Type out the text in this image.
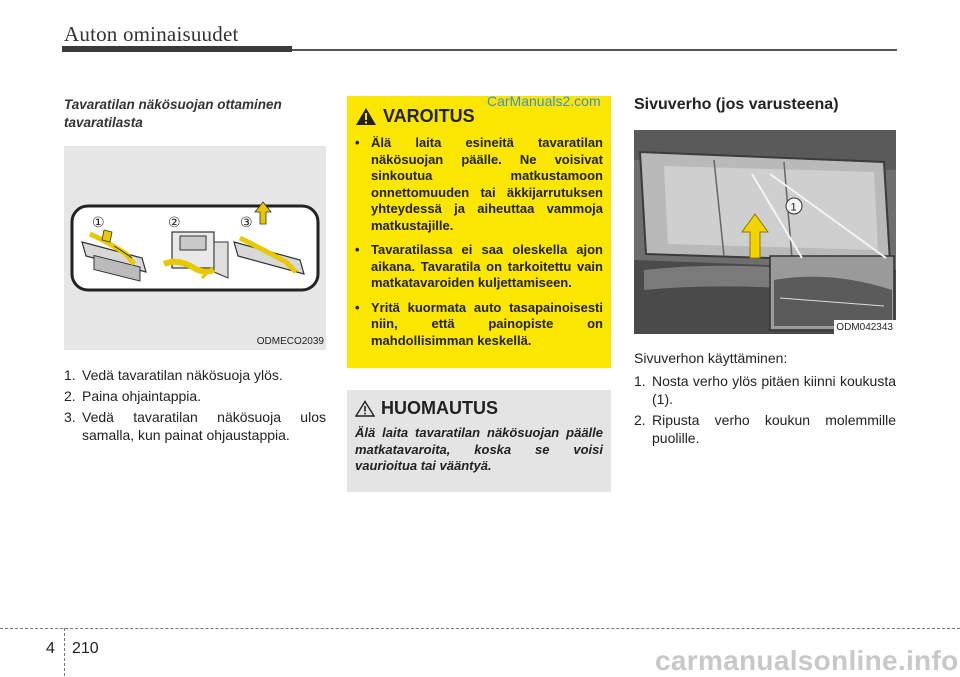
Auton ominaisuudet
Tavaratilan näkösuojan ottaminen tavaratilasta
①	②	③
ODMECO2039
1. Vedä tavaratilan näkösuoja ylös.
2. Paina ohjaintappia.
3. Vedä tavaratilan näkösuoja ulos samalla, kun painat ohjaustappia.
VAROITUS
• Älä laita esineitä tavaratilan näkösuojan päälle. Ne voisivat sinkoutua matkustamoon onnettomuuden tai äkkijarrutuksen yhteydessä ja aiheuttaa vammoja matkustajille.
• Tavaratilassa ei saa oleskella ajon aikana. Tavaratila on tarkoitettu vain matkatavaroiden kuljettamiseen.
• Yritä kuormata auto tasapainoisesti niin, että painopiste on mahdollisimman keskellä.
CarManuals2.com
HUOMAUTUS
Älä laita tavaratilan näkösuojan päälle matkatavaroita, koska se voisi vaurioitua tai vääntyä.
Sivuverho (jos varusteena)
1
ODM042343
Sivuverhon käyttäminen:
1. Nosta verho ylös pitäen kiinni koukusta (1).
2. Ripusta verho koukun molemmille puolille.
4 210	carmanualsonline.info
